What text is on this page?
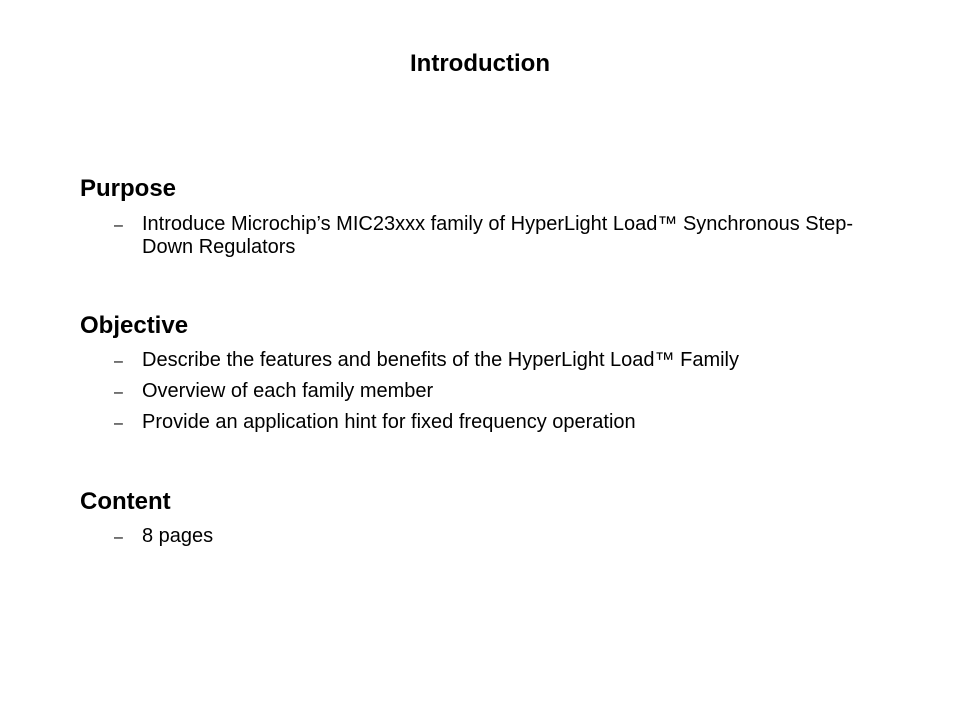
Introduction
Purpose
– Introduce Microchip’s MIC23xxx family of HyperLight Load™ Synchronous Step-Down Regulators
Objective
– Describe the features and benefits of the HyperLight Load™ Family
– Overview of each family member
– Provide an application hint for fixed frequency operation
Content
– 8 pages
